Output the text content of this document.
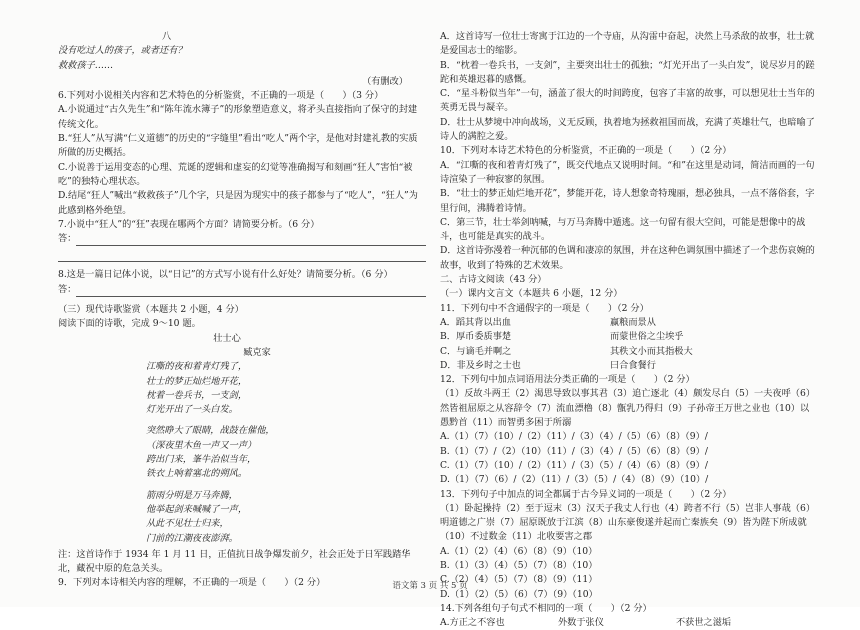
八
没有吃过人的孩子，或者还有？
救救孩子……
（有删改）
6.下列对小说相关内容和艺术特色的分析鉴赏，不正确的一项是（　　）（3 分）
A.小说通过“古久先生”和“陈年流水簿子”的形象塑造意义，将矛头直接指向了保守的封建传统文化。
B.“狂人”从写满“仁义道德”的历史的“字缝里”看出“吃人”两个字，是他对封建礼教的实质所做的历史概括。
C.小说善于运用变态的心理、荒诞的逻辑和虚妄的幻觉等准确揭写和刻画“狂人”害怕“被吃”的独特心理状态。
D.结尾“狂人”喊出“救救孩子”几个字，只是因为现实中的孩子都参与了“吃人”，“狂人”为此感到格外绝望。
7.小说中“狂人”的“狂”表现在哪两个方面？请简要分析。（6 分）
答：
8.这是一篇日记体小说，以“日记”的方式写小说有什么好处？请简要分析。（6 分）
答：
（三）现代诗歌鉴赏（本题共 2 小题，4 分）
阅读下面的诗歌，完成 9～10 题。
壮士心
臧克家
江嘶的夜和着青灯残了，
壮士的梦正灿烂地开花，
枕着一卷兵书，一支剑，
灯光开出了一头白发。
突然睁大了眼睛，战鼓在催他，
（深夜里木鱼一声又一声）
跨出门来，峯牛治似当年，
铁衣上响着塞北的朔风。
箭雨分明是万马奔腾，
他举起剑来喊喊了一声，
从此不见壮士归来，
门前的江潮夜夜澎湃。
注：这首诗作于 1934 年 1 月 11 日，正值抗日战争爆发前夕，社会正处于日军践踏华北，藏祝中原的危急关头。
9．下列对本诗相关内容的理解，不正确的一项是（　　）（2 分）
A．这首诗写一位壮士寄寓于江边的一个寺庙，从沟雷中奋起，决然上马杀敌的故事，壮士就是爱国志士的缩影。
B．“枕着一卷兵书，一支剑”，主要突出壮士的孤独；“灯光开出了一头白发”，说尽岁月的蹉跎和英雄迟暮的感慨。
C．“星斗粉似当年”一句，涵盖了很大的时间跨度，包容了丰富的故事，可以想见壮士当年的英勇无畏与凝辛。
D．壮士从梦境中冲向战场，义无反顾，执着地为拯救祖国而战，充满了英雄壮气，也暗喻了诗人的满腔之爱。
10．下列对本诗艺术特色的分析鉴赏，不正确的一项是（　　）（2 分）
A．“江嘶的夜和着青灯残了”，既交代地点又说明时间。“和”在这里是动词，简洁而画的一句诗渲染了一种寂寥的氛围。
B．“壮士的梦正灿烂地开花”，梦能开花，诗人想象奇特瑰丽，想必独具，一点不落俗套，字里行间，沸腾着诗情。
C．第三节，壮士举剑呐喊，与万马奔腾中遁逃。这一句留有很大空间，可能是想像中的战斗，也可能是真实的战斗。
D．这首诗弥漫着一种沉郁的色调和凄凉的氛围，并在这种色调氛围中描述了一个悲伤哀婉的故事，收到了特殊的艺术效果。
二、古诗文阅读（43 分）
（一）课内文言文（本题共 6 小题，12 分）
11．下列句中不含通假字的一项是（　　）（2 分）
A．蹈其背以出血	赢粮而景从
B．厚币委质事楚	而蒙世俗之尘埃乎
C．与谪毛并啊之	其秩文小而其指极大
D．非及乡时之士也	曰合食餐行
12．下列句中加点词语用法分类正确的一项是（　　）（2 分）
（1）反故斗两王（2）渴思导致以事其君（3）追亡逐北（4）颇发尽白（5）一夫夜呼（6）然皆祖屈原之从容辞令（7）流血漂橹（8）甑乳乃得归（9）子孙帝王万世之业也（10）以愚黔首（11）而智勇多困于所溺
A.（1）（7）（10）/（2）（11）/（3）（4）/（5）（6）（8）（9）/
B.（1）（7）/（2）（10）（11）/（3）（4）/（5）（6）（8）（9）/
C.（1）（7）（10）/（2）（11）/（3）（5）/（4）（6）（8）（9）/
D.（1）（7）（6）/（2）（11）/（3）（5）/（4）（8）（9）（10）/
13．下列句子中加点的词全都属于古今异义词的一项是（　　）（2 分）
（1）卧起操持（2）至于逗末（3）汉天子我丈人行也（4）跨者不行（5）岂非人事哉（6）明道德之广崇（7）屈原既放于江滨（8）山东豪俊遂并起而亡秦族矣（9）皆为陛下所成就（10）不过数金（11）北收要害之郡
A.（1）（2）（4）（6）（8）（9）（10）
B.（1）（3）（4）（5）（7）（8）（10）
C.（2）（4）（5）（7）（8）（9）（11）
D.（1）（2）（5）（6）（7）（9）（10）
14.下列各组句子句式不相同的一项（　　）（2 分）
A.方正之不容也	外数于张仪	不获世之滋垢
语文第 3 页 共 5 页
